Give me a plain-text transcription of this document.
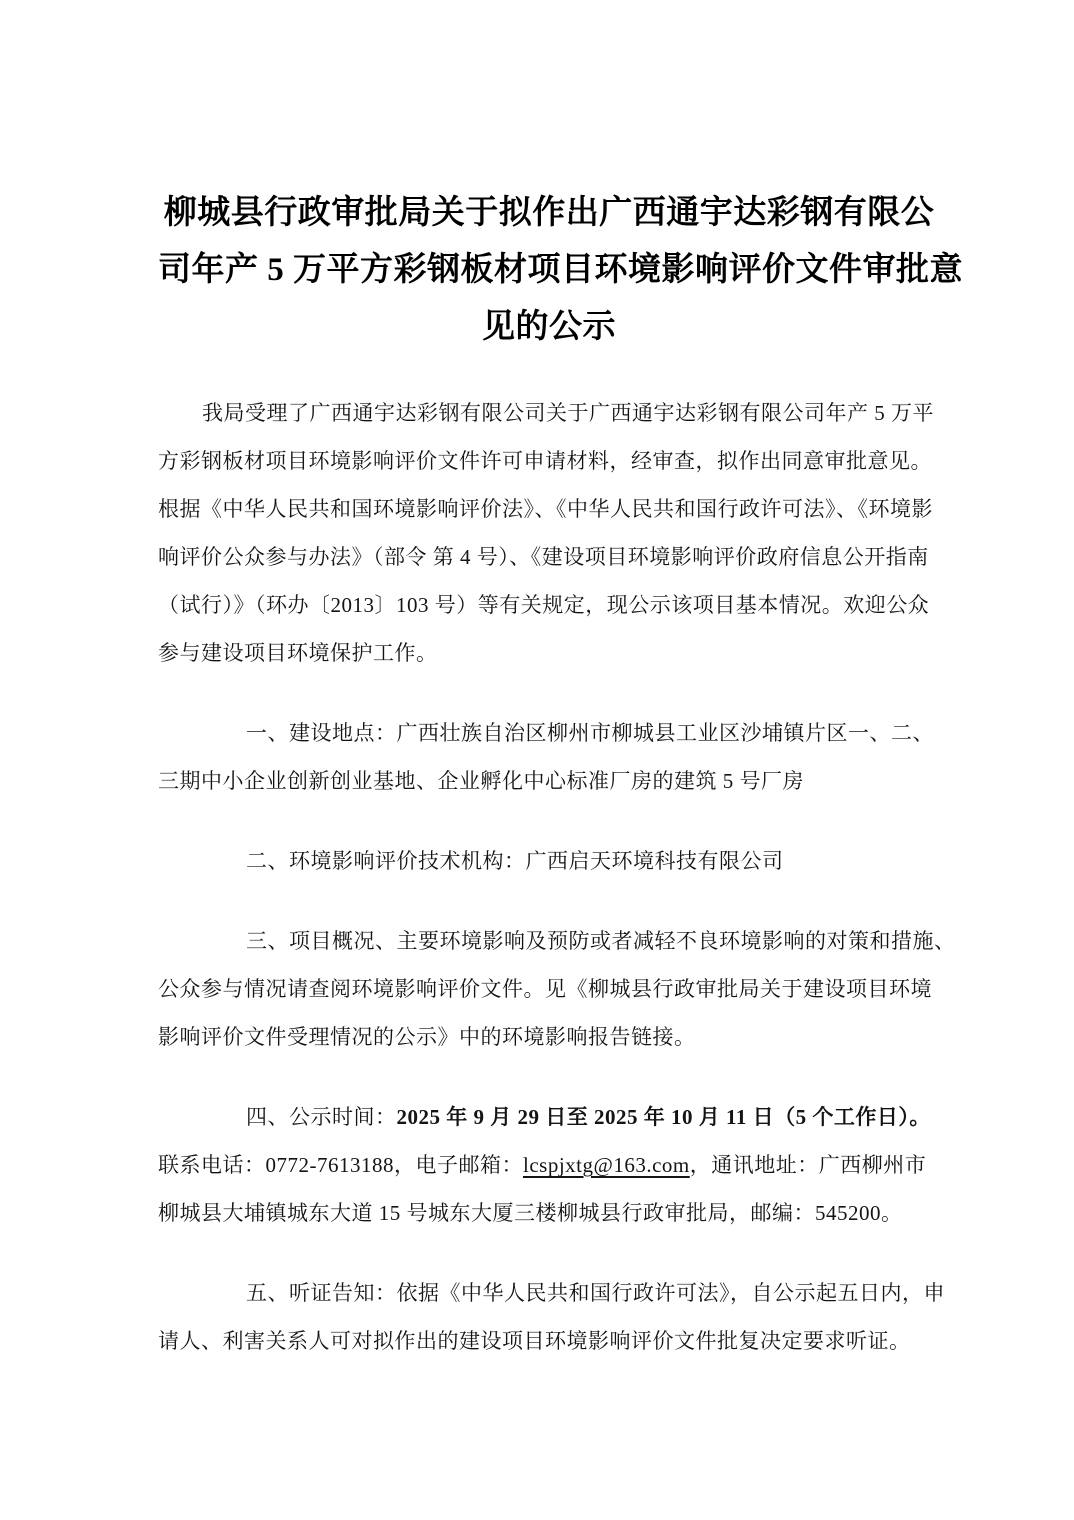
柳城县行政审批局关于拟作出广西通宇达彩钢有限公
司年产 5 万平方彩钢板材项目环境影响评价文件审批意
见的公示
我局受理了广西通宇达彩钢有限公司关于广西通宇达彩钢有限公司年产 5 万平
方彩钢板材项目环境影响评价文件许可申请材料，经审查，拟作出同意审批意见。
根据《中华人民共和国环境影响评价法》、《中华人民共和国行政许可法》、《环境影
响评价公众参与办法》（部令 第 4 号）、《建设项目环境影响评价政府信息公开指南
（试行）》（环办〔2013〕103 号）等有关规定，现公示该项目基本情况。欢迎公众
参与建设项目环境保护工作。
一、建设地点：广西壮族自治区柳州市柳城县工业区沙埔镇片区一、二、
三期中小企业创新创业基地、企业孵化中心标准厂房的建筑 5 号厂房
二、环境影响评价技术机构：广西启天环境科技有限公司
三、项目概况、主要环境影响及预防或者减轻不良环境影响的对策和措施、
公众参与情况请查阅环境影响评价文件。见《柳城县行政审批局关于建设项目环境
影响评价文件受理情况的公示》中的环境影响报告链接。
四、公示时间：2025 年 9 月 29 日至 2025 年 10 月 11 日（5 个工作日）。
联系电话：0772-7613188，电子邮箱：lcspjxtg@163.com，通讯地址：广西柳州市
柳城县大埔镇城东大道 15 号城东大厦三楼柳城县行政审批局，邮编：545200。
五、听证告知：依据《中华人民共和国行政许可法》，自公示起五日内，申
请人、利害关系人可对拟作出的建设项目环境影响评价文件批复决定要求听证。
